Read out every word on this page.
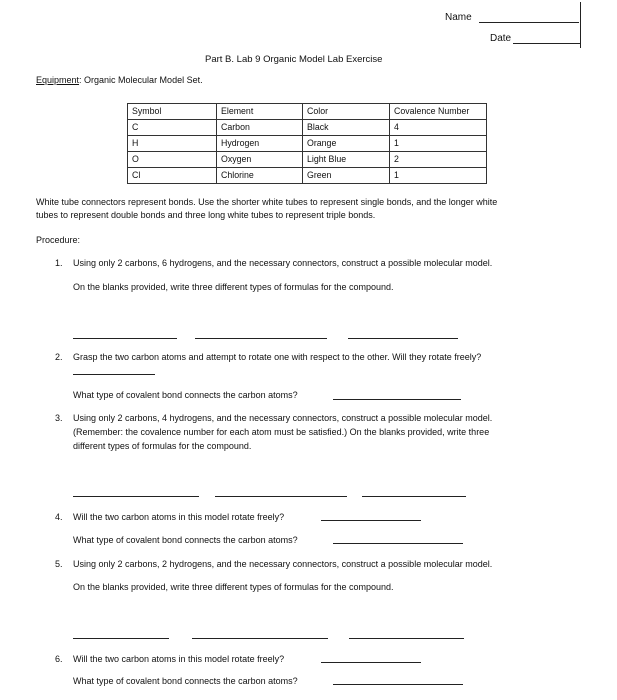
Name
Date
Part B. Lab 9 Organic Model Lab Exercise
Equipment: Organic Molecular Model Set.
Symbol	Element	Color	Covalence Number
C	Carbon	Black	4
H	Hydrogen	Orange	1
O	Oxygen	Light Blue	2
Cl	Chlorine	Green	1
White tube connectors represent bonds. Use the shorter white tubes to represent single bonds, and the longer white
tubes to represent double bonds and three long white tubes to represent triple bonds.
Procedure:
1. Using only 2 carbons, 6 hydrogens, and the necessary connectors, construct a possible molecular model.
On the blanks provided, write three different types of formulas for the compound.
2. Grasp the two carbon atoms and attempt to rotate one with respect to the other. Will they rotate freely?
What type of covalent bond connects the carbon atoms?
3. Using only 2 carbons, 4 hydrogens, and the necessary connectors, construct a possible molecular model.
(Remember: the covalence number for each atom must be satisfied.) On the blanks provided, write three
different types of formulas for the compound.
4. Will the two carbon atoms in this model rotate freely?
What type of covalent bond connects the carbon atoms?
5. Using only 2 carbons, 2 hydrogens, and the necessary connectors, construct a possible molecular model.
On the blanks provided, write three different types of formulas for the compound.
6. Will the two carbon atoms in this model rotate freely?
What type of covalent bond connects the carbon atoms?
